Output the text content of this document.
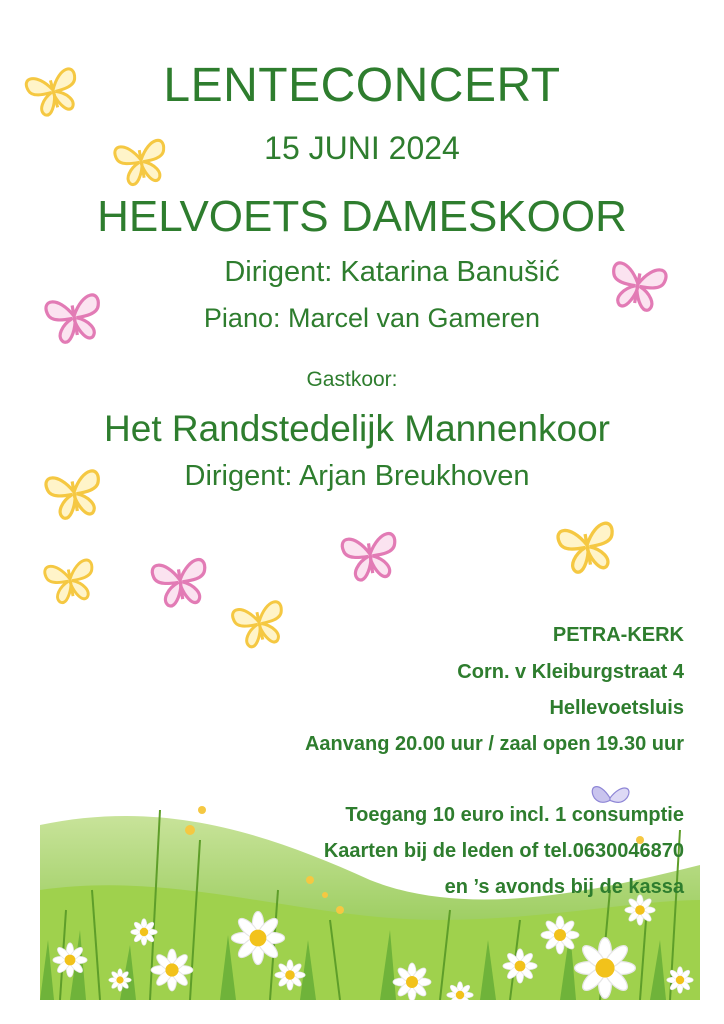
LENTECONCERT
15 JUNI 2024
HELVOETS DAMESKOOR
Dirigent: Katarina Banušić
Piano: Marcel van Gameren
Gastkoor:
Het Randstedelijk Mannenkoor
Dirigent: Arjan Breukhoven
PETRA-KERK
Corn. v Kleiburgstraat 4
Hellevoetsluis
Aanvang 20.00 uur / zaal open 19.30 uur
Toegang 10 euro incl. 1 consumptie
Kaarten bij de leden of tel.0630046870
en ’s avonds bij de kassa
